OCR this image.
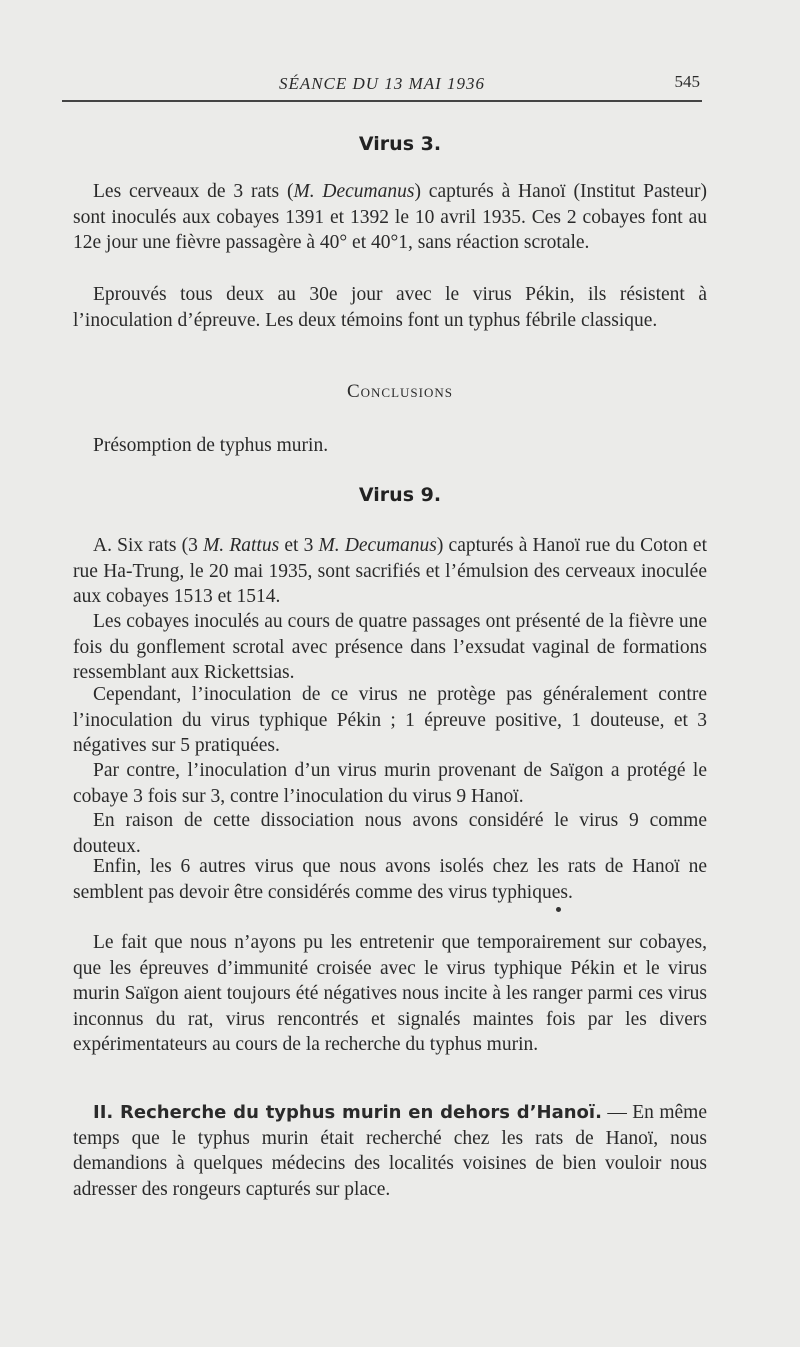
SÉANCE DU 13 MAI 1936	545
Virus 3.
Les cerveaux de 3 rats (M. Decumanus) capturés à Hanoï (Institut Pasteur) sont inoculés aux cobayes 1391 et 1392 le 10 avril 1935. Ces 2 cobayes font au 12e jour une fièvre passagère à 40° et 40°1, sans réaction scrotale.
Eprouvés tous deux au 30e jour avec le virus Pékin, ils résistent à l’inoculation d’épreuve. Les deux témoins font un typhus fébrile classique.
Conclusions
Présomption de typhus murin.
Virus 9.
A. Six rats (3 M. Rattus et 3 M. Decumanus) capturés à Hanoï rue du Coton et rue Ha-Trung, le 20 mai 1935, sont sacrifiés et l’émulsion des cerveaux inoculée aux cobayes 1513 et 1514.
Les cobayes inoculés au cours de quatre passages ont présenté de la fièvre une fois du gonflement scrotal avec présence dans l’exsudat vaginal de formations ressemblant aux Rickettsias.
Cependant, l’inoculation de ce virus ne protège pas généralement contre l’inoculation du virus typhique Pékin ; 1 épreuve positive, 1 douteuse, et 3 négatives sur 5 pratiquées.
Par contre, l’inoculation d’un virus murin provenant de Saïgon a protégé le cobaye 3 fois sur 3, contre l’inoculation du virus 9 Hanoï.
En raison de cette dissociation nous avons considéré le virus 9 comme douteux.
Enfin, les 6 autres virus que nous avons isolés chez les rats de Hanoï ne semblent pas devoir être considérés comme des virus typhiques.
Le fait que nous n’ayons pu les entretenir que temporairement sur cobayes, que les épreuves d’immunité croisée avec le virus typhique Pékin et le virus murin Saïgon aient toujours été négatives nous incite à les ranger parmi ces virus inconnus du rat, virus rencontrés et signalés maintes fois par les divers expérimentateurs au cours de la recherche du typhus murin.
II. Recherche du typhus murin en dehors d’Hanoï. — En même temps que le typhus murin était recherché chez les rats de Hanoï, nous demandions à quelques médecins des localités voisines de bien vouloir nous adresser des rongeurs capturés sur place.
